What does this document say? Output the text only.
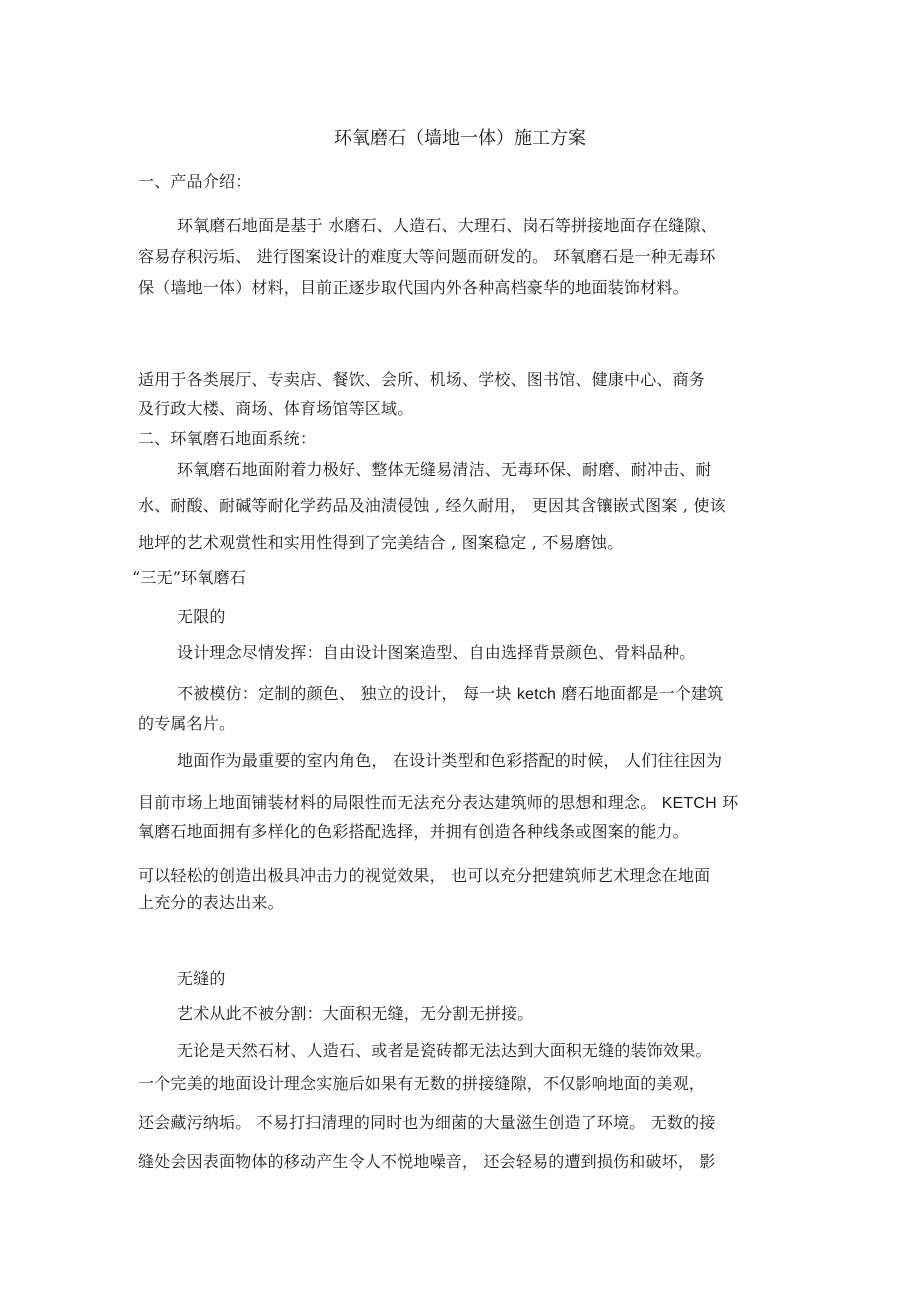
环氧磨石（墙地一体）施工方案
一、产品介绍：
环氧磨石地面是基于 水磨石、人造石、大理石、岗石等拼接地面存在缝隙、
容易存积污垢、 进行图案设计的难度大等问题而研发的。 环氧磨石是一种无毒环
保（墙地一体）材料，目前正逐步取代国内外各种高档豪华的地面装饰材料。
适用于各类展厅、专卖店、餐饮、会所、机场、学校、图书馆、健康中心、商务
及行政大楼、商场、体育场馆等区域。
二、环氧磨石地面系统：
环氧磨石地面附着力极好、整体无缝易清洁、无毒环保、耐磨、耐冲击、耐
水、耐酸、耐碱等耐化学药品及油渍侵蚀 , 经久耐用， 更因其含镶嵌式图案 , 使该
地坪的艺术观赏性和实用性得到了完美结合 , 图案稳定 , 不易磨蚀。
“三无”环氧磨石
无限的
设计理念尽情发挥：自由设计图案造型、自由选择背景颜色、骨料品种。
不被模仿：定制的颜色、 独立的设计， 每一块 ketch 磨石地面都是一个建筑
的专属名片。
地面作为最重要的室内角色， 在设计类型和色彩搭配的时候， 人们往往因为
目前市场上地面铺装材料的局限性而无法充分表达建筑师的思想和理念。 KETCH 环
氧磨石地面拥有多样化的色彩搭配选择，并拥有创造各种线条或图案的能力。
可以轻松的创造出极具冲击力的视觉效果， 也可以充分把建筑师艺术理念在地面
上充分的表达出来。
无缝的
艺术从此不被分割：大面积无缝，无分割无拼接。
无论是天然石材、人造石、或者是瓷砖都无法达到大面积无缝的装饰效果。
一个完美的地面设计理念实施后如果有无数的拼接缝隙，不仅影响地面的美观，
还会藏污纳垢。 不易打扫清理的同时也为细菌的大量滋生创造了环境。 无数的接
缝处会因表面物体的移动产生令人不悦地噪音， 还会轻易的遭到损伤和破坏， 影
